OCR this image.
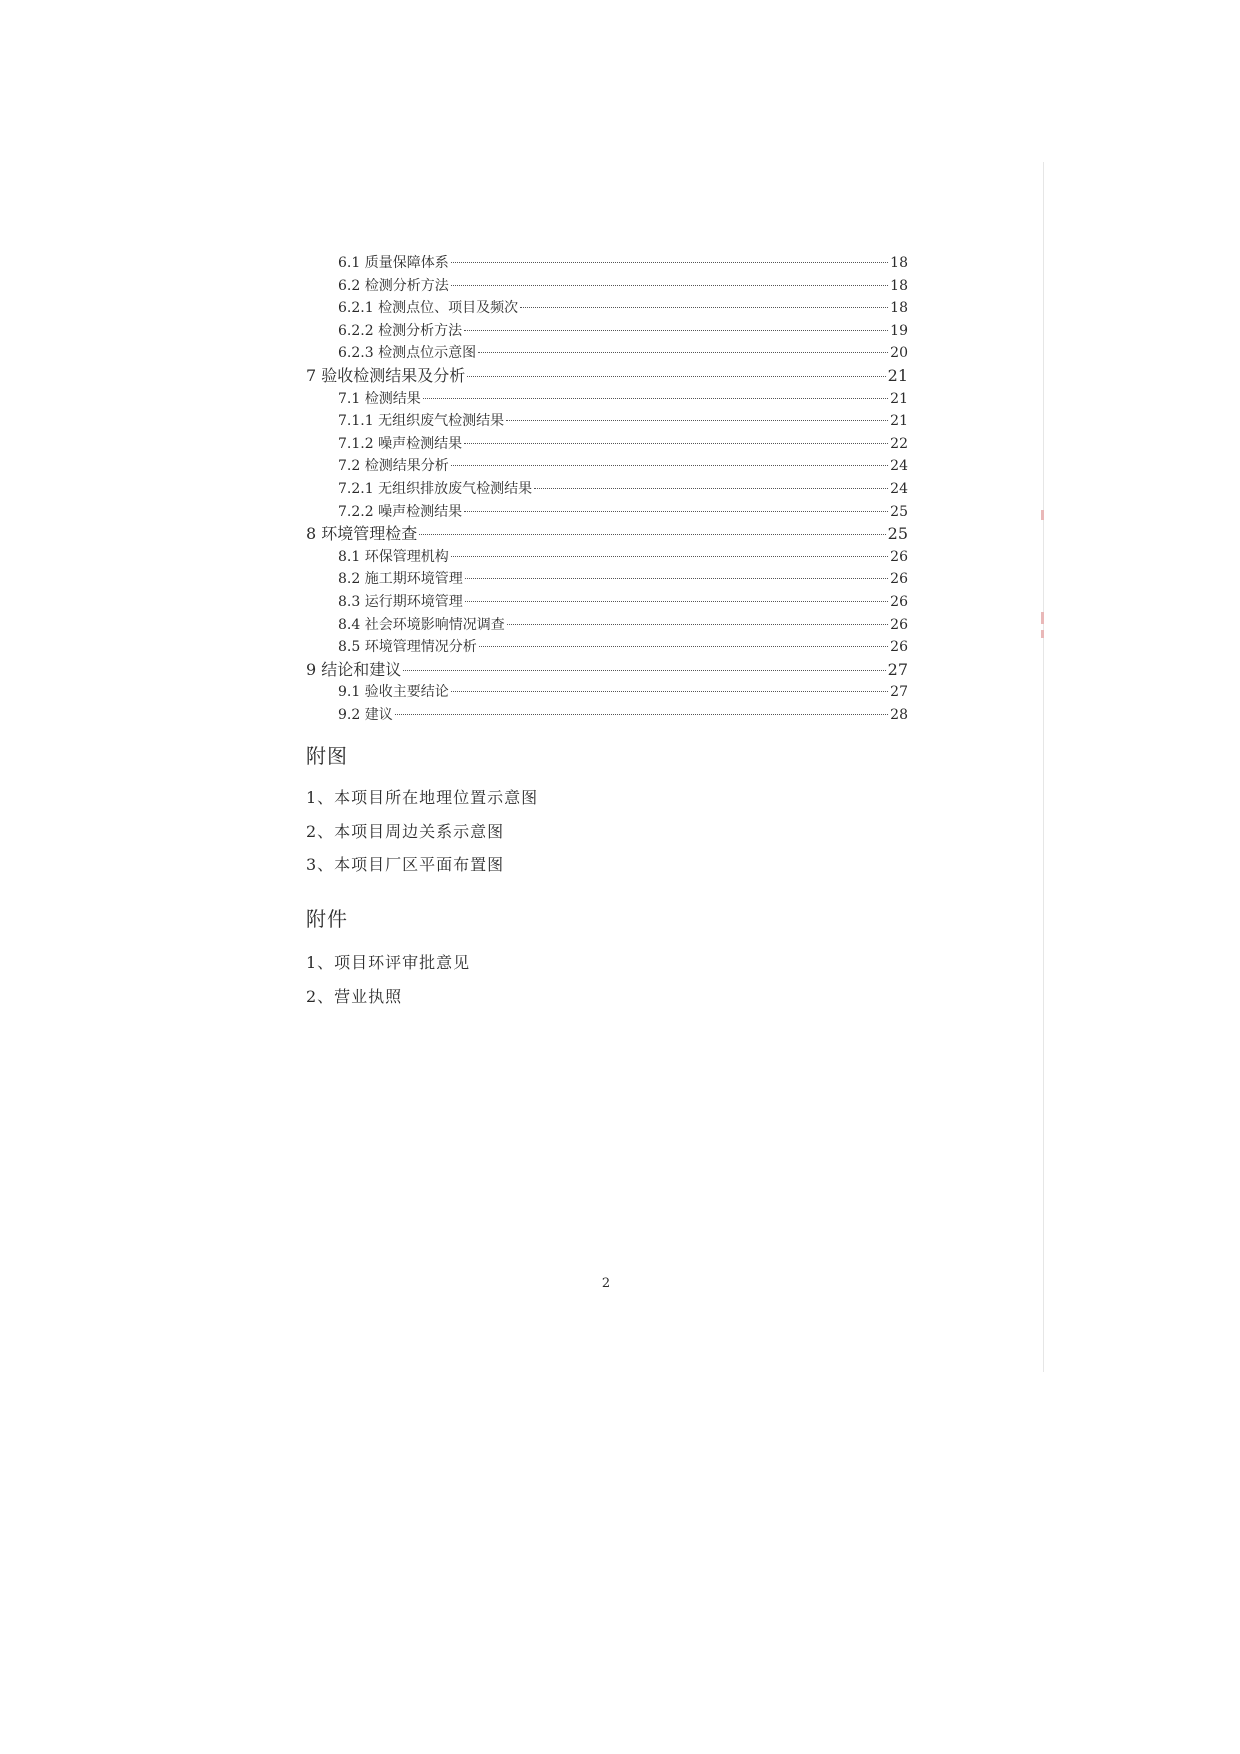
6.1 质量保障体系	18
6.2 检测分析方法	18
6.2.1 检测点位、项目及频次	18
6.2.2 检测分析方法	19
6.2.3 检测点位示意图	20
7 验收检测结果及分析	21
7.1 检测结果	21
7.1.1 无组织废气检测结果	21
7.1.2 噪声检测结果	22
7.2 检测结果分析	24
7.2.1 无组织排放废气检测结果	24
7.2.2 噪声检测结果	25
8 环境管理检查	25
8.1 环保管理机构	26
8.2 施工期环境管理	26
8.3 运行期环境管理	26
8.4 社会环境影响情况调查	26
8.5 环境管理情况分析	26
9 结论和建议	27
9.1 验收主要结论	27
9.2 建议	28
附图
1、本项目所在地理位置示意图
2、本项目周边关系示意图
3、本项目厂区平面布置图
附件
1、项目环评审批意见
2、营业执照
2
